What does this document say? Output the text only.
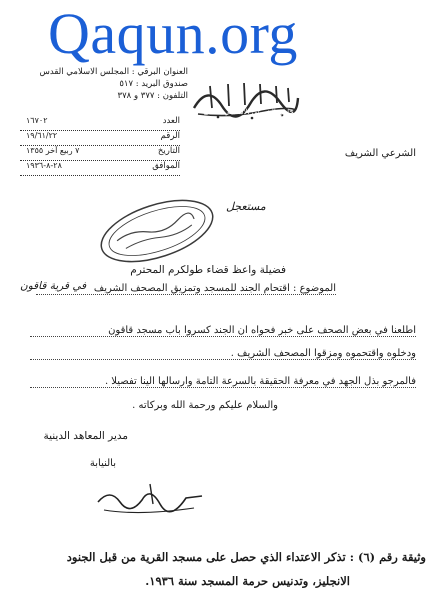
Qaqun.org
العنوان البرقي : المجلس الاسلامي القدس
صندوق البريد : ٥١٧
التلفون : ٣٧٧ و ٣٧٨
المجلس الشرعي الاسلامي الاعلى
الشرعي الشريف
العدد
١٦٧٠٢
الرقم
١٩/٦١/٢٢
التاريخ
٧ ربيع آخر ١٣٥٥
الموافق
٢٨-٨-١٩٣٦
مستعجل
فضيلة واعظ قضاء طولكرم المحترم
الموضوع : اقتحام الجند للمسجد وتمزيق المصحف الشريف
في قرية قاقون
اطلعنا في بعض الصحف على خبر فحواه ان الجند كسروا باب مسجد قاقون
ودخلوه واقتحموه ومزقوا المصحف الشريف .
فالمرجو بذل الجهد في معرفة الحقيقة بالسرعة التامة وارسالها الينا تفصيلا .
والسلام عليكم ورحمة الله وبركاته .
مدير المعاهد الدينية
بالنيابة
وثيقة رقم (٦) : تذكر الاعتداء الذي حصل على مسجد القرية من قبل الجنود
الانجليز، وتدنيس حرمة المسجد سنة ١٩٣٦.
